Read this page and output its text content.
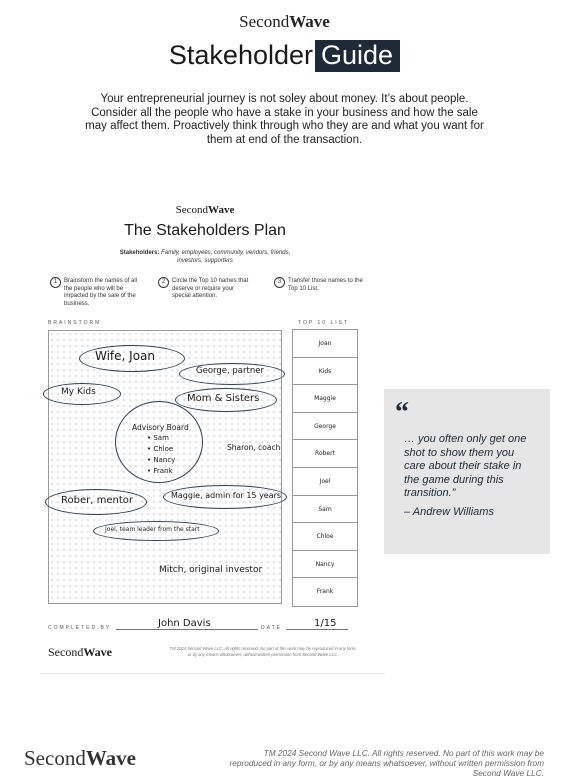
SecondWave
Stakeholder Guide
Your entrepreneurial journey is not soley about money. It’s about people. Consider all the people who have a stake in your business and how the sale may affect them. Proactively think through who they are and what you want for them at end of the transaction.
SecondWave
The Stakeholders Plan
Stakeholders: Family, employees, community, vendors, friends, investors, supporters
1	Brainstorm the names of all the people who will be impacted by the sale of the business.
2	Circle the Top 10 names that deserve or require your special attention.
3	Transfer those names to the Top 10 List.
BRAINSTORM	TOP 10 LIST
Wife, Joan
George, partner
My Kids
Mom & Sisters
Advisory Board
• Sam
• Chloe
• Nancy
• Frank
Sharon, coach
Rober, mentor	Maggie, admin for 15 years
Joel, team leader from the start
Mitch, original investor
Joan
Kids
Maggie
George
Robert
Joel
Sam
Chloe
Nancy
Frank
COMPLETED BY	John Davis	DATE	1/15
SecondWave	TM 2024 Second Wave LLC. All rights reserved. No part of this work may be reproduced in any form, or by any means whatsoever, without written permission from Second Wave LLC.
“
… you often only get one shot to show them you care about their stake in the game during this transition.”
– Andrew Williams
SecondWave	TM 2024 Second Wave LLC. All rights reserved. No part of this work may be reproduced in any form, or by any means whatsoever, without written permission from Second Wave LLC.
